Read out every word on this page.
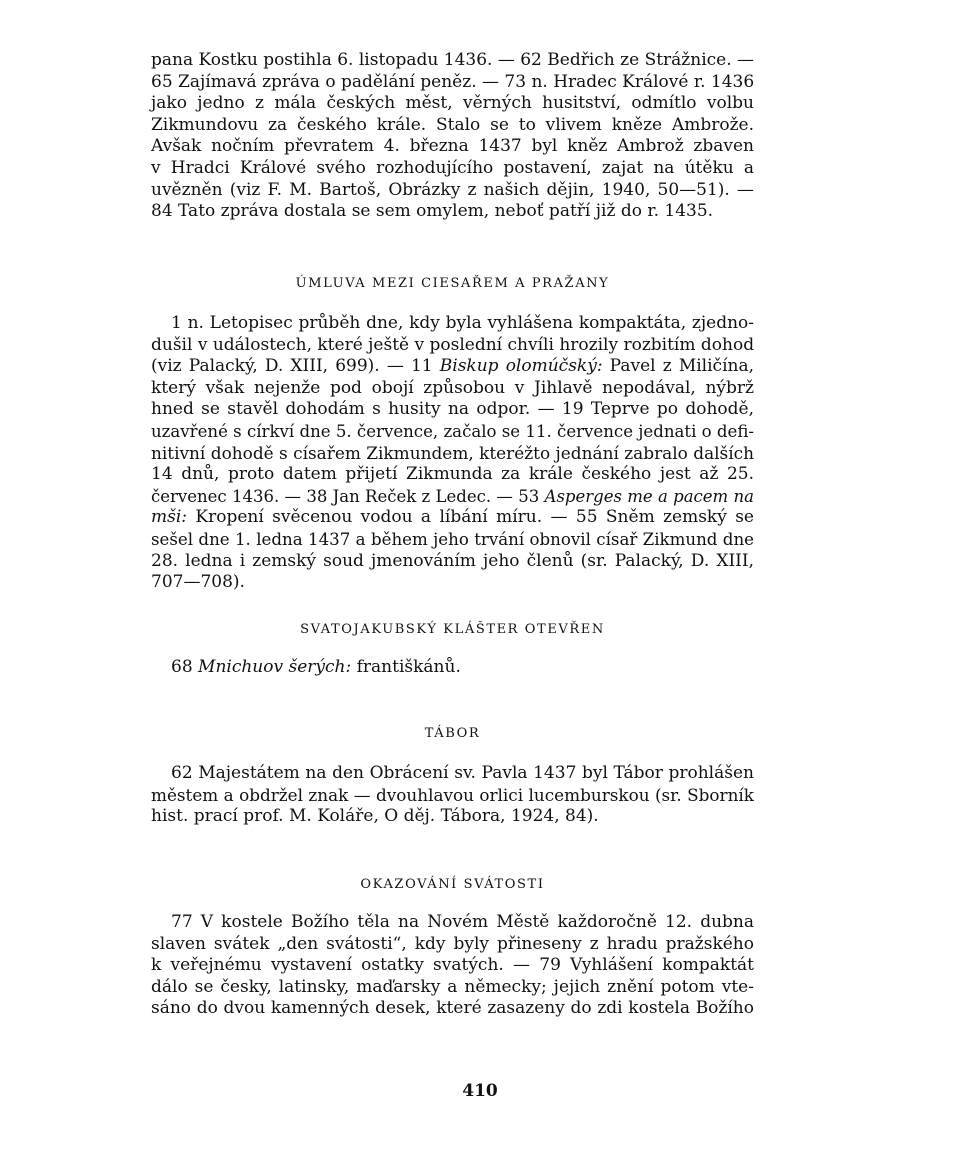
pana Kostku postihla 6. listopadu 1436. — 62 Bedřich ze Strážnice. —
65 Zajímavá zpráva o padělání peněz. — 73 n. Hradec Králové r. 1436
jako jedno z mála českých měst, věrných husitství, odmítlo volbu
Zikmundovu za českého krále. Stalo se to vlivem kněze Ambrože.
Avšak nočním převratem 4. března 1437 byl kněz Ambrož zbaven
v Hradci Králové svého rozhodujícího postavení, zajat na útěku a
uvězněn (viz F. M. Bartoš, Obrázky z našich dějin, 1940, 50—51). —
84 Tato zpráva dostala se sem omylem, neboť patří již do r. 1435.
ÚMLUVA MEZI CIESAŘEM A PRAŽANY
1 n. Letopisec průběh dne, kdy byla vyhlášena kompaktáta, zjedno-
dušil v událostech, které ještě v poslední chvíli hrozily rozbitím dohod
(viz Palacký, D. XIII, 699). — 11 Biskup olomúčský: Pavel z Miličína,
který však nejenže pod obojí způsobou v Jihlavě nepodával, nýbrž
hned se stavěl dohodám s husity na odpor. — 19 Teprve po dohodě,
uzavřené s církví dne 5. července, začalo se 11. července jednati o defi-
nitivní dohodě s císařem Zikmundem, kteréžto jednání zabralo dalších
14 dnů, proto datem přijetí Zikmunda za krále českého jest až 25.
červenec 1436. — 38 Jan Reček z Ledec. — 53 Asperges me a pacem na
mši: Kropení svěcenou vodou a líbání míru. — 55 Sněm zemský se
sešel dne 1. ledna 1437 a během jeho trvání obnovil císař Zikmund dne
28. ledna i zemský soud jmenováním jeho členů (sr. Palacký, D. XIII,
707—708).
SVATOJAKUBSKÝ KLÁŠTER OTEVŘEN
68 Mnichuov šerých: františkánů.
TÁBOR
62 Majestátem na den Obrácení sv. Pavla 1437 byl Tábor prohlášen
městem a obdržel znak — dvouhlavou orlici lucemburskou (sr. Sborník
hist. prací prof. M. Koláře, O děj. Tábora, 1924, 84).
OKAZOVÁNÍ SVÁTOSTI
77 V kostele Božího těla na Novém Městě každoročně 12. dubna
slaven svátek „den svátosti“, kdy byly přineseny z hradu pražského
k veřejnému vystavení ostatky svatých. — 79 Vyhlášení kompaktát
dálo se česky, latinsky, maďarsky a německy; jejich znění potom vte-
sáno do dvou kamenných desek, které zasazeny do zdi kostela Božího
410
